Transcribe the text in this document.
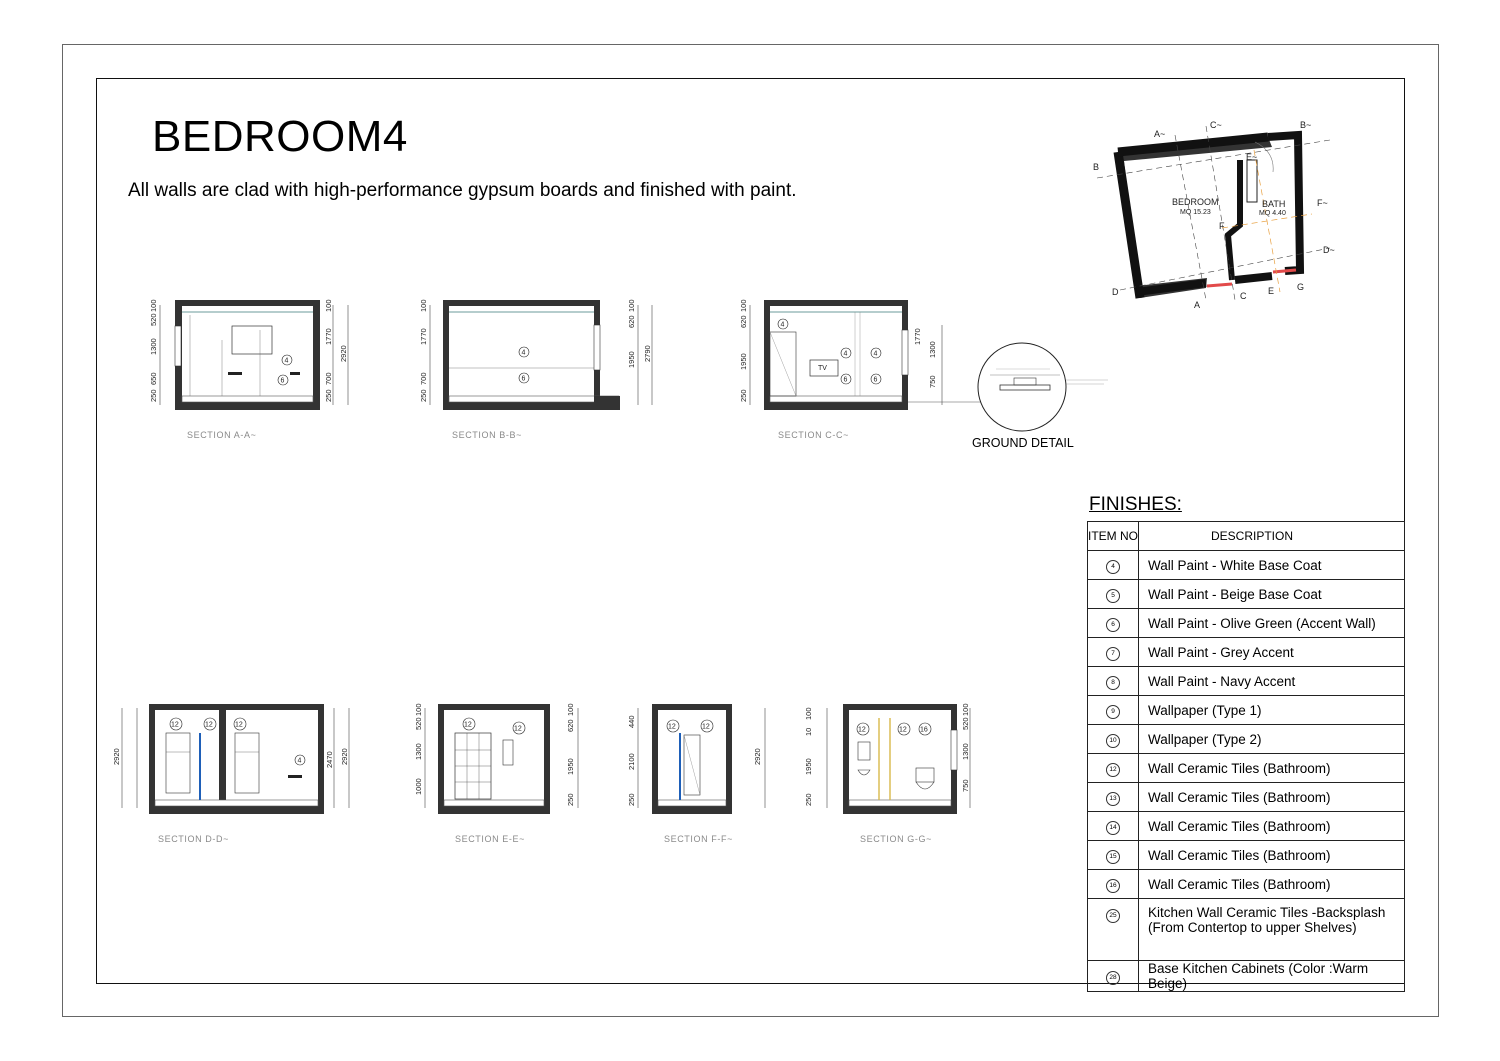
BEDROOM4
All walls are clad with high-performance gypsum boards and finished with paint.
4
6
250
650
1300
520
100	100
1770
700
250
2920
SECTION A-A~
4
6
250
700
1770
100
1950
620
100
2790
SECTION B-B~
TV
4
4	4
6	6
250
1950
620
100
1770
1300
750
SECTION C-C~
12	12	12
4
2920	2470 2920
SECTION D-D~
12
12
1000
1300
520
100
250
1950
620
100
SECTION E-E~
12	12
250
2100
440
2920
SECTION F-F~
12	12 16
250
1950
10
100
750
1300
520
100
SECTION G-G~
BEDROOM
MQ 15.23
BATH
MQ 4.40
A~
C~	B~
B
F~
D~
D
A
C E	G
F
E~
GROUND DETAIL
FINISHES:
ITEM NO	DESCRIPTION
4	Wall Paint - White Base Coat
5	Wall Paint - Beige Base Coat
6	Wall Paint - Olive Green (Accent Wall)
7	Wall Paint - Grey Accent
8	Wall Paint - Navy Accent
9	Wallpaper (Type 1)
10	Wallpaper (Type 2)
12	Wall Ceramic Tiles (Bathroom)
13	Wall Ceramic Tiles (Bathroom)
14	Wall Ceramic Tiles (Bathroom)
15	Wall Ceramic Tiles (Bathroom)
16	Wall Ceramic Tiles (Bathroom)
25	Kitchen Wall Ceramic Tiles -Backsplash
(From Contertop to upper Shelves)

28	Base Kitchen Cabinets (Color :Warm Beige)
